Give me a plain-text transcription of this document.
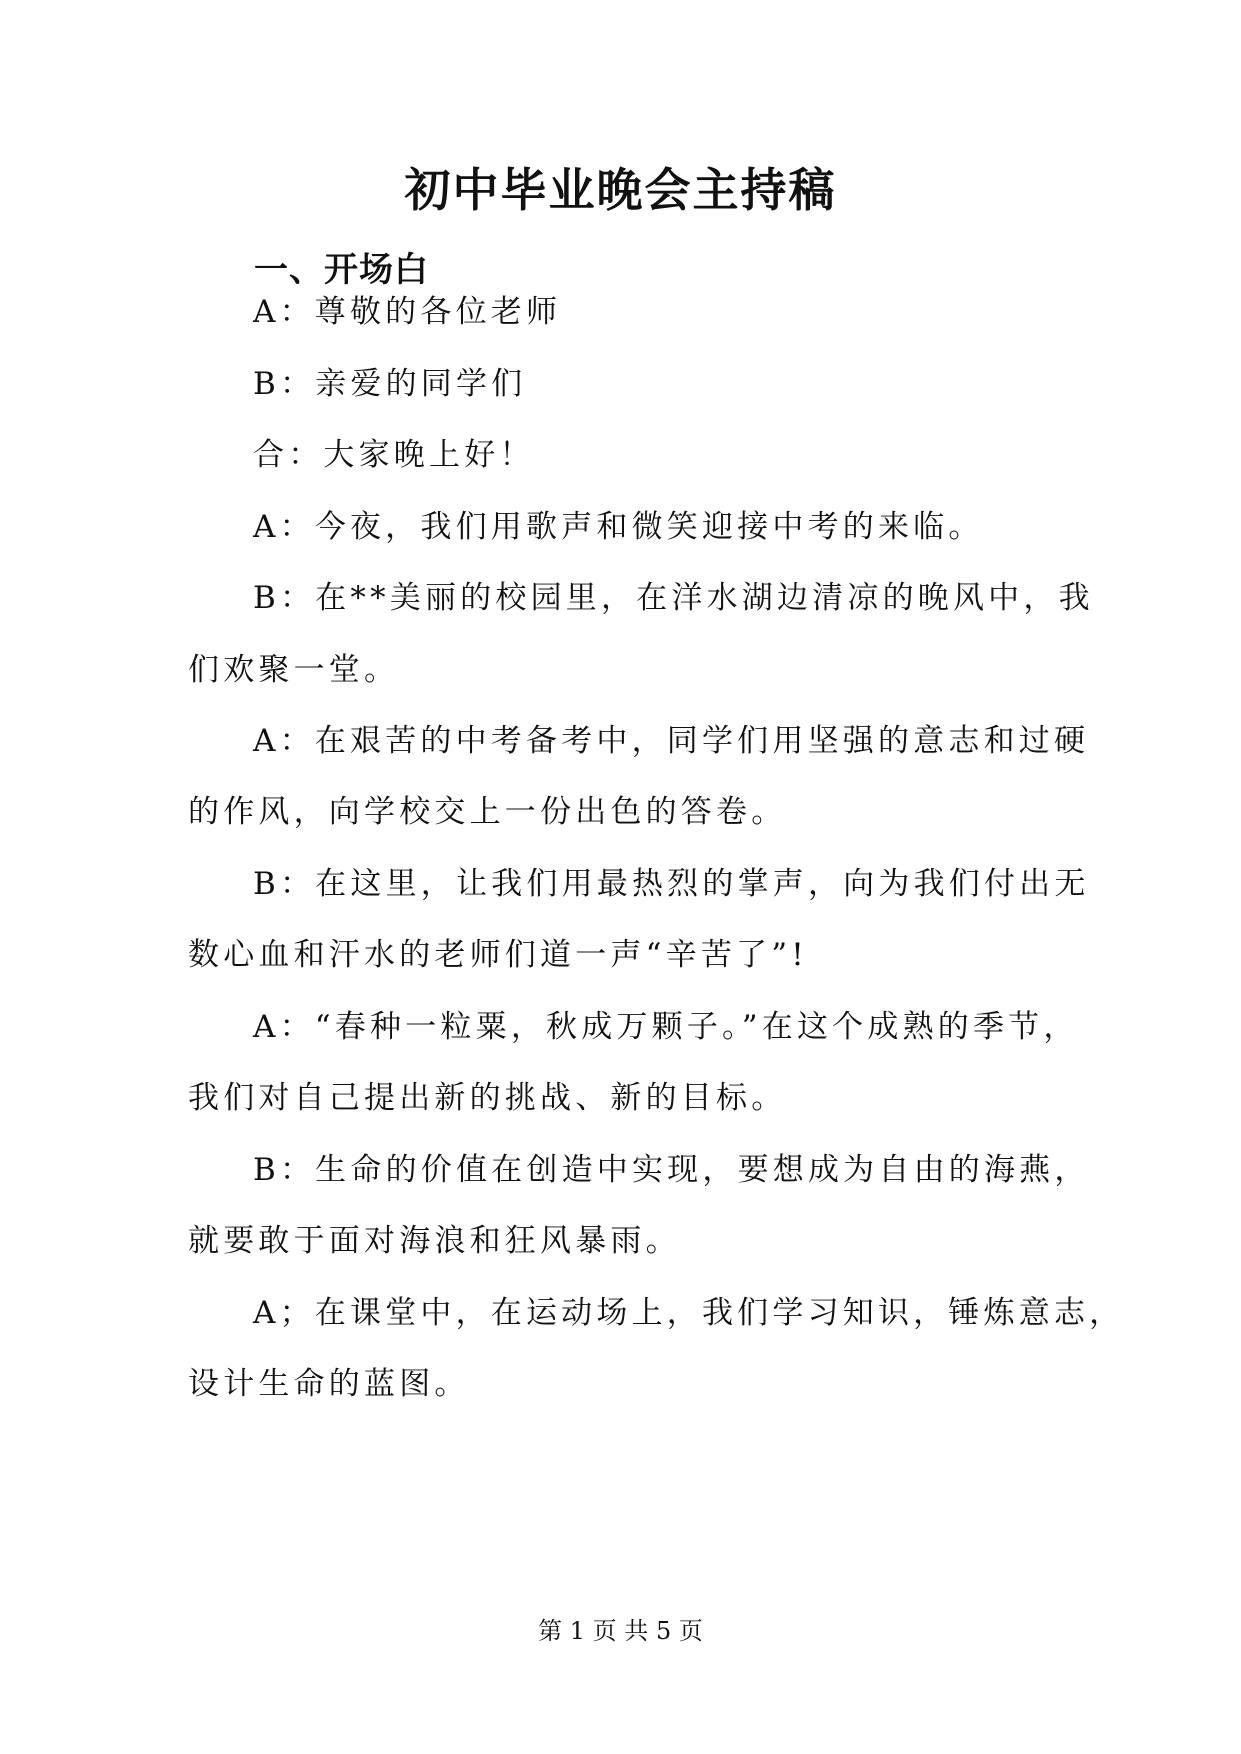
初中毕业晚会主持稿
一、开场白
A：尊敬的各位老师
B：亲爱的同学们
合：大家晚上好！
A：今夜，我们用歌声和微笑迎接中考的来临。
B：在**美丽的校园里，在洋水湖边清凉的晚风中，我
们欢聚一堂。
A：在艰苦的中考备考中，同学们用坚强的意志和过硬
的作风，向学校交上一份出色的答卷。
B：在这里，让我们用最热烈的掌声，向为我们付出无
数心血和汗水的老师们道一声“辛苦了”!
A：“春种一粒粟，秋成万颗子。”在这个成熟的季节，
我们对自己提出新的挑战、新的目标。
B：生命的价值在创造中实现，要想成为自由的海燕，
就要敢于面对海浪和狂风暴雨。
A；在课堂中，在运动场上，我们学习知识，锤炼意志，
设计生命的蓝图。
第 1 页 共 5 页
